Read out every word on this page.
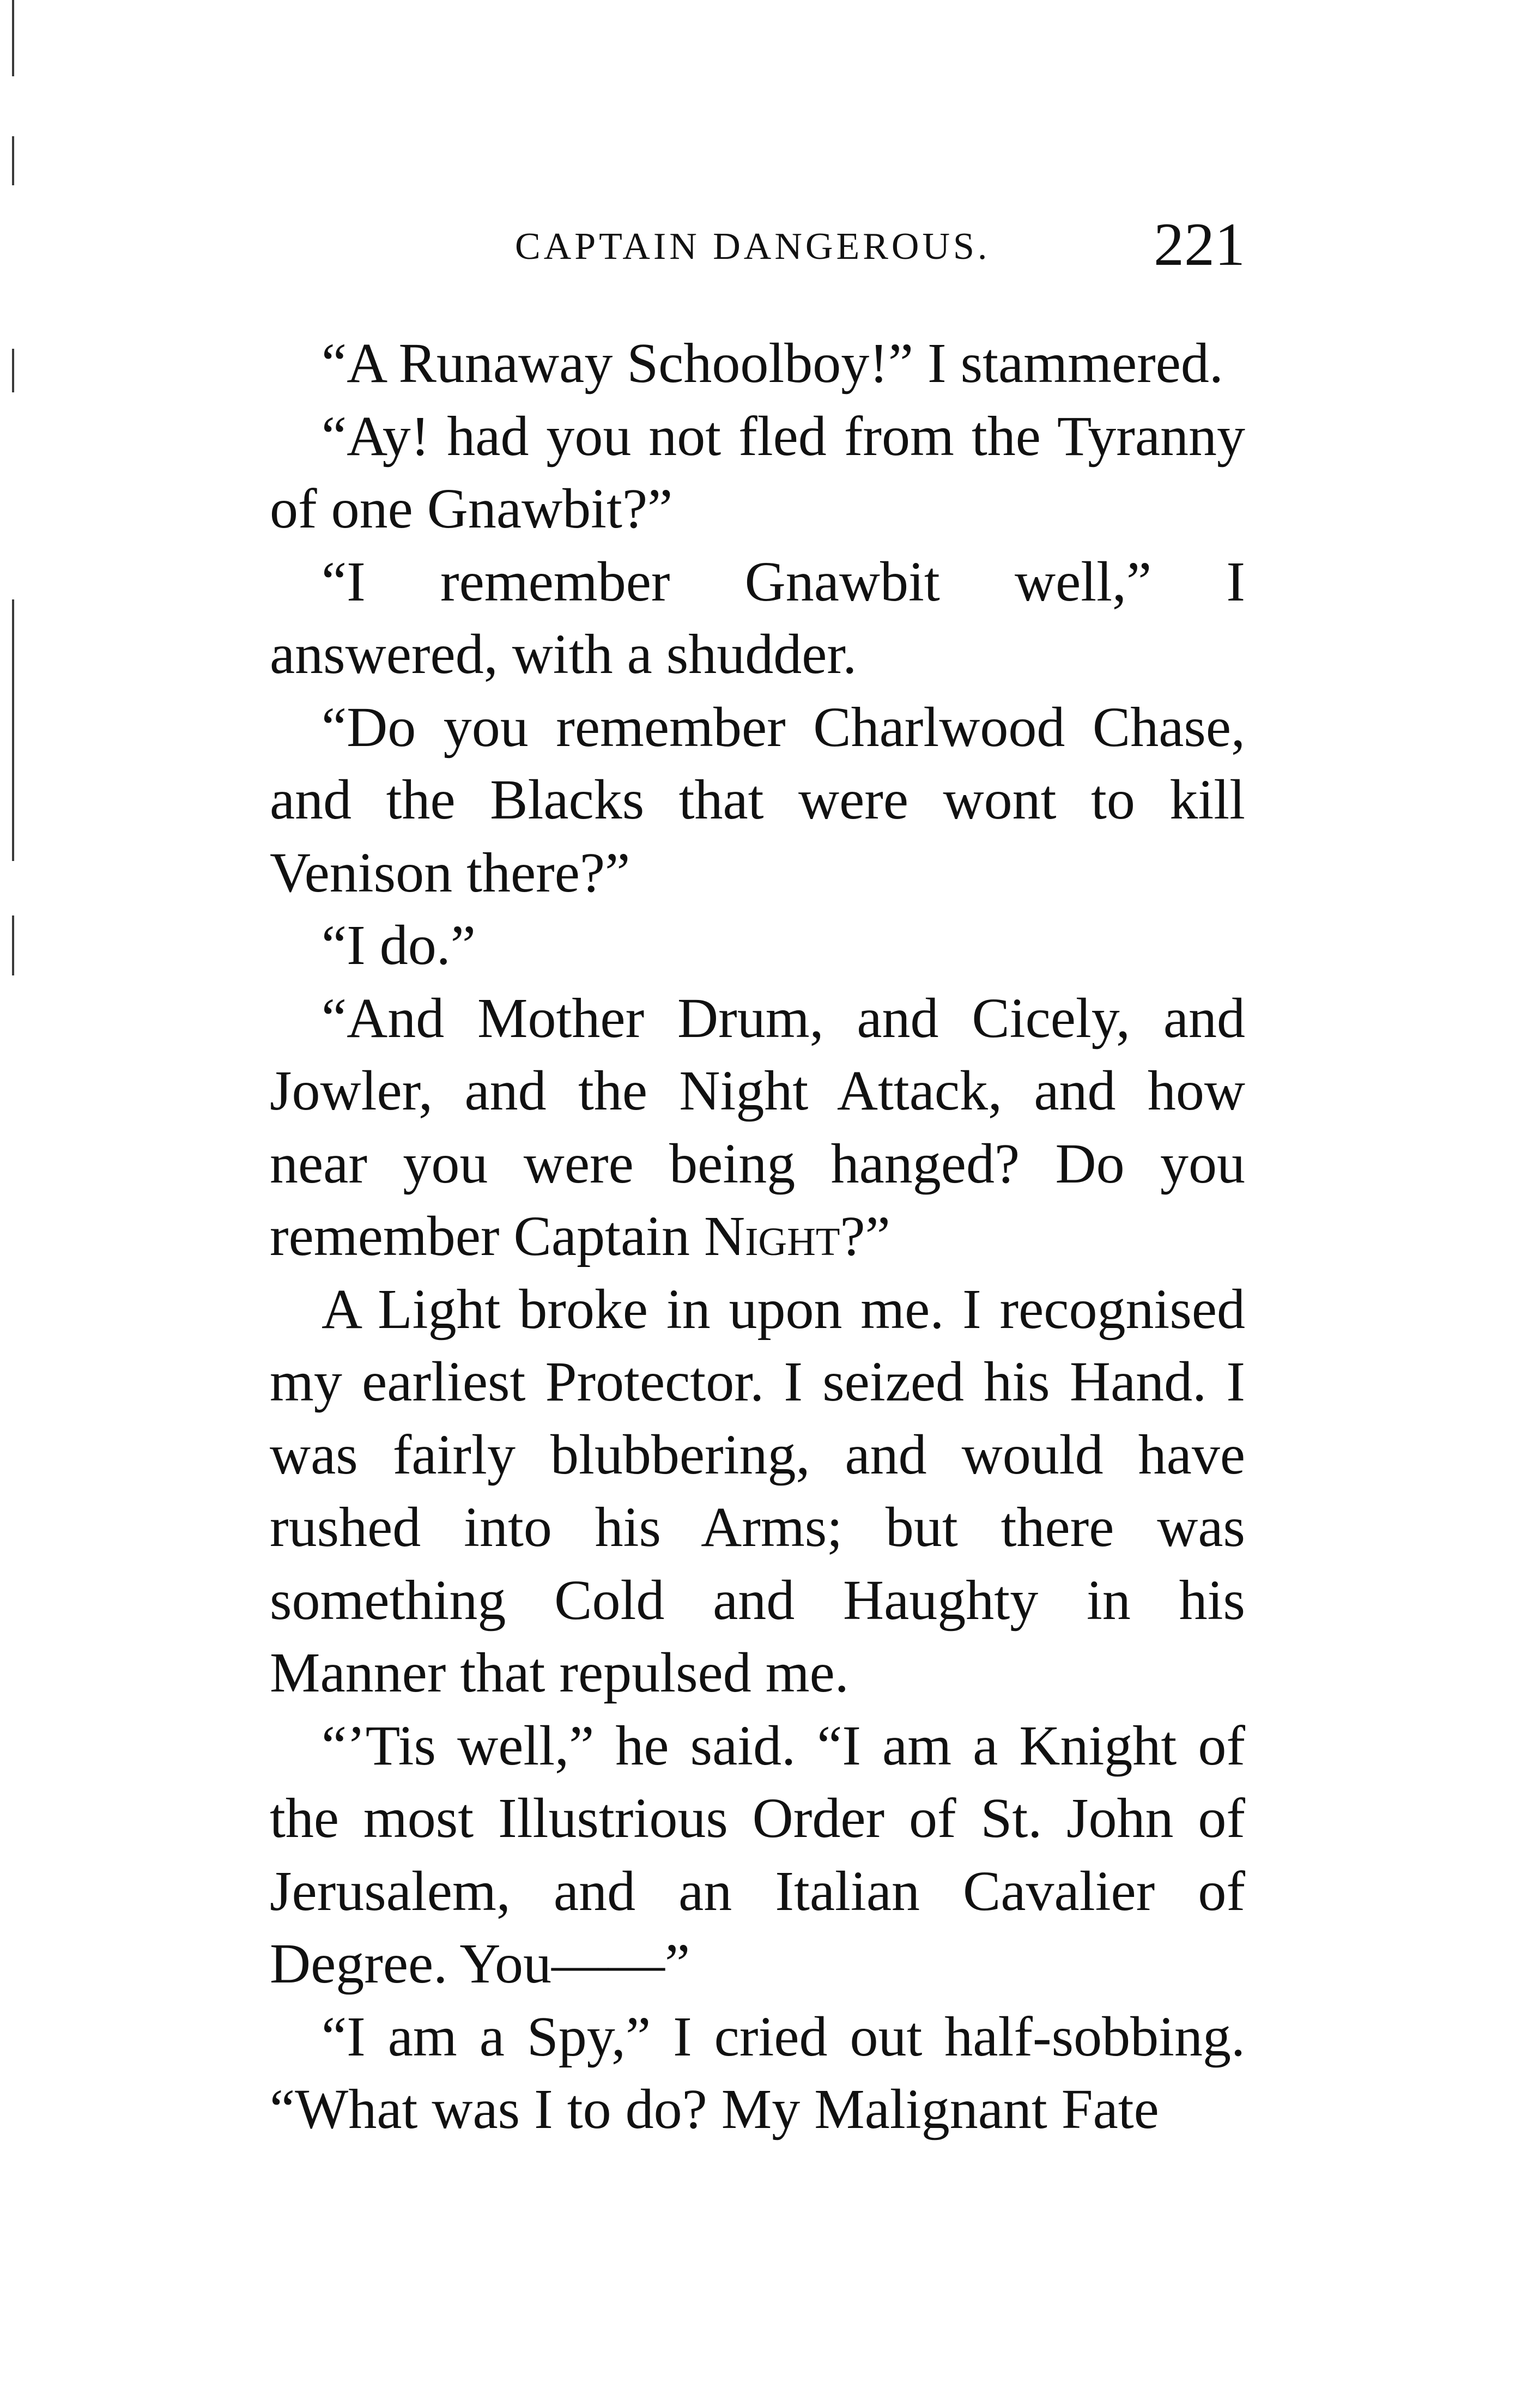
CAPTAIN DANGEROUS.	221

“A Runaway Schoolboy!” I stammered.

“Ay! had you not fled from the Tyranny of one Gnawbit?”

“I remember Gnawbit well,” I answered, with a shudder.

“Do you remember Charlwood Chase, and the Blacks that were wont to kill Venison there?”

“I do.”

“And Mother Drum, and Cicely, and Jowler, and the Night Attack, and how near you were being hanged? Do you remember Captain Night?”

A Light broke in upon me. I recognised my earliest Protector. I seized his Hand. I was fairly blubbering, and would have rushed into his Arms; but there was something Cold and Haughty in his Manner that repulsed me.

“’Tis well,” he said. “I am a Knight of the most Illustrious Order of St. John of Jerusalem, and an Italian Cavalier of Degree. You——”

“I am a Spy,” I cried out half-sobbing. “What was I to do? My Malignant Fate
